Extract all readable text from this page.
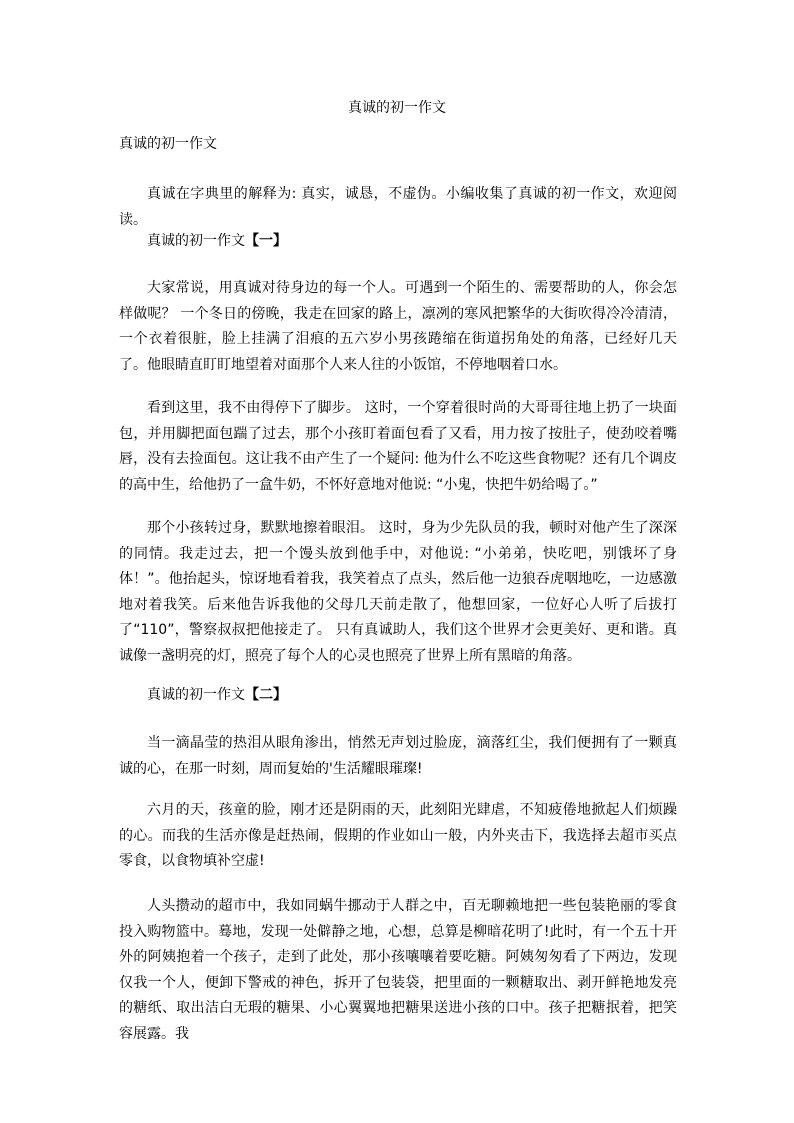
真诚的初一作文
真诚的初一作文

真诚在字典里的解释为: 真实，诚恳，不虚伪。小编收集了真诚的初一作文，欢迎阅读。

真诚的初一作文【一】

大家常说，用真诚对待身边的每一个人。可遇到一个陌生的、需要帮助的人，你会怎样做呢？ 一个冬日的傍晚，我走在回家的路上，凛冽的寒风把繁华的大街吹得冷冷清清，一个衣着很脏，脸上挂满了泪痕的五六岁小男孩踡缩在街道拐角处的角落，已经好几天了。他眼睛直盯盯地望着对面那个人来人往的小饭馆，不停地咽着口水。

看到这里，我不由得停下了脚步。 这时，一个穿着很时尚的大哥哥往地上扔了一块面包，并用脚把面包踹了过去，那个小孩盯着面包看了又看，用力按了按肚子，使劲咬着嘴唇，没有去捡面包。这让我不由产生了一个疑问: 他为什么不吃这些食物呢？还有几个调皮的高中生，给他扔了一盒牛奶，不怀好意地对他说: “小鬼，快把牛奶给喝了。”

那个小孩转过身，默默地擦着眼泪。 这时，身为少先队员的我，顿时对他产生了深深的同情。我走过去，把一个馒头放到他手中，对他说: “小弟弟，快吃吧，别饿坏了身体！”。他抬起头，惊讶地看着我，我笑着点了点头，然后他一边狼吞虎咽地吃，一边感激地对着我笑。后来他告诉我他的父母几天前走散了，他想回家，一位好心人听了后拔打了“110”，警察叔叔把他接走了。 只有真诚助人，我们这个世界才会更美好、更和谐。真诚像一盏明亮的灯，照亮了每个人的心灵也照亮了世界上所有黑暗的角落。

真诚的初一作文【二】

当一滴晶莹的热泪从眼角渗出，悄然无声划过脸庞，滴落红尘，我们便拥有了一颗真诚的心，在那一时刻，周而复始的'生活耀眼璀璨!

六月的天，孩童的脸，刚才还是阴雨的天，此刻阳光肆虐，不知疲倦地掀起人们烦躁的心。而我的生活亦像是赶热闹，假期的作业如山一般，内外夹击下，我选择去超市买点零食，以食物填补空虚!

人头攒动的超市中，我如同蜗牛挪动于人群之中，百无聊赖地把一些包装艳丽的零食投入购物篮中。蓦地，发现一处僻静之地，心想，总算是柳暗花明了!此时，有一个五十开外的阿姨抱着一个孩子，走到了此处，那小孩嚷嚷着要吃糖。阿姨匆匆看了下两边，发现仅我一个人，便卸下警戒的神色，拆开了包装袋，把里面的一颗糖取出、剥开鲜艳地发亮的糖纸、取出洁白无瑕的糖果、小心翼翼地把糖果送进小孩的口中。孩子把糖抿着，把笑容展露。我
